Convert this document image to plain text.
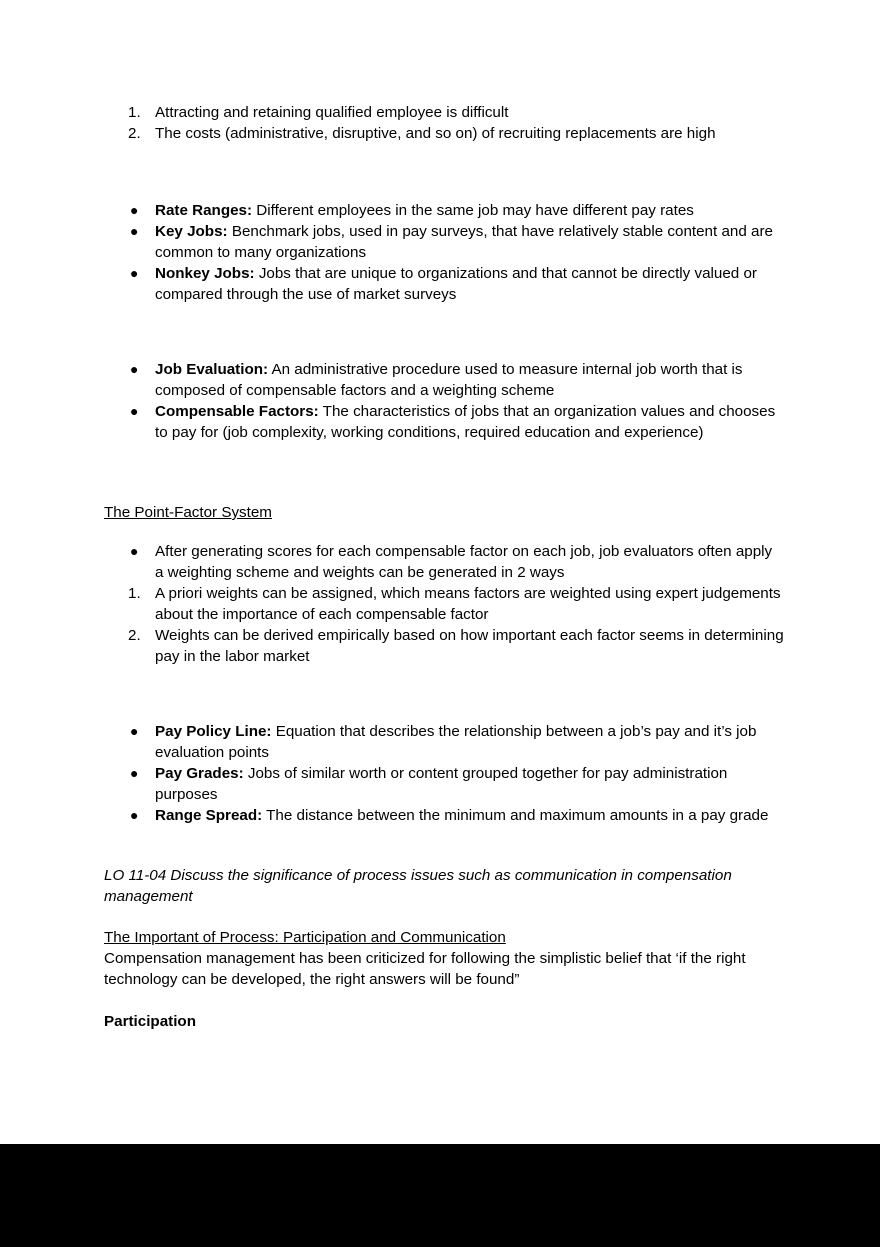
1. Attracting and retaining qualified employee is difficult
2. The costs (administrative, disruptive, and so on) of recruiting replacements are high
●	Rate Ranges: Different employees in the same job may have different pay rates
●	Key Jobs: Benchmark jobs, used in pay surveys, that have relatively stable content and are common to many organizations
●	Nonkey Jobs: Jobs that are unique to organizations and that cannot be directly valued or compared through the use of market surveys
●	Job Evaluation: An administrative procedure used to measure internal job worth that is composed of compensable factors and a weighting scheme
●	Compensable Factors: The characteristics of jobs that an organization values and chooses to pay for (job complexity, working conditions, required education and experience)
The Point-Factor System
●	After generating scores for each compensable factor on each job, job evaluators often apply a weighting scheme and weights can be generated in 2 ways
1. A priori weights can be assigned, which means factors are weighted using expert judgements about the importance of each compensable factor
2. Weights can be derived empirically based on how important each factor seems in determining pay in the labor market
●	Pay Policy Line: Equation that describes the relationship between a job’s pay and it’s job evaluation points
●	Pay Grades: Jobs of similar worth or content grouped together for pay administration purposes
●	Range Spread: The distance between the minimum and maximum amounts in a pay grade
LO 11-04 Discuss the significance of process issues such as communication in compensation management
The Important of Process: Participation and Communication
Compensation management has been criticized for following the simplistic belief that ‘if the right technology can be developed, the right answers will be found”
Participation
